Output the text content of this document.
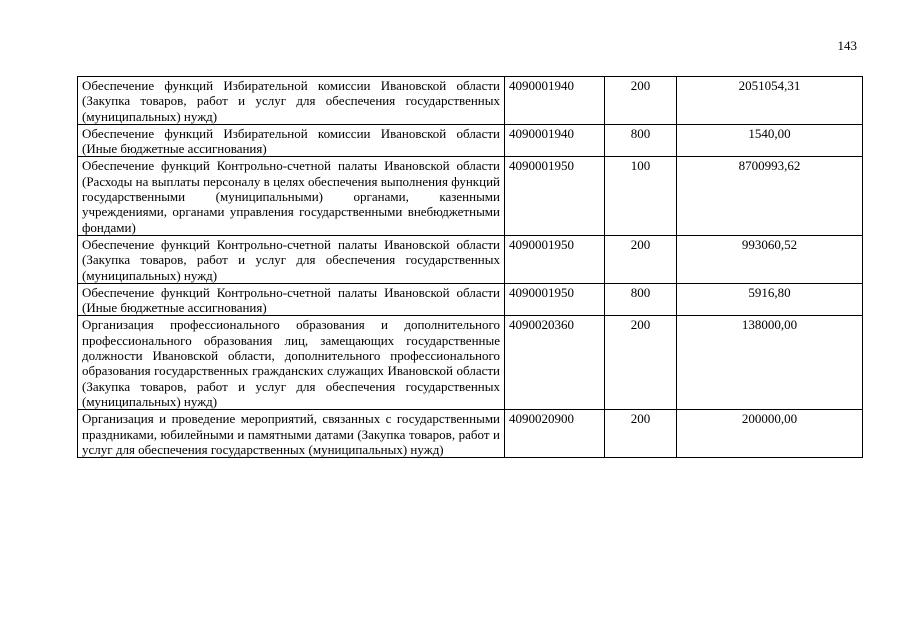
143
Обеспечение функций Избирательной комиссии Ивановской области (Закупка товаров, работ и услуг для обеспечения государственных (муниципальных) нужд)	4090001940	200	2051054,31
Обеспечение функций Избирательной комиссии Ивановской области (Иные бюджетные ассигнования)	4090001940	800	1540,00
Обеспечение функций Контрольно-счетной палаты Ивановской области (Расходы на выплаты персоналу в целях обеспечения выполнения функций государственными (муниципальными) органами, казенными учреждениями, органами управления государственными внебюджетными фондами)	4090001950	100	8700993,62
Обеспечение функций Контрольно-счетной палаты Ивановской области (Закупка товаров, работ и услуг для обеспечения государственных (муниципальных) нужд)	4090001950	200	993060,52
Обеспечение функций Контрольно-счетной палаты Ивановской области (Иные бюджетные ассигнования)	4090001950	800	5916,80
Организация профессионального образования и дополнительного профессионального образования лиц, замещающих государственные должности Ивановской области, дополнительного профессионального образования государственных гражданских служащих Ивановской области (Закупка товаров, работ и услуг для обеспечения государственных (муниципальных) нужд)	4090020360	200	138000,00
Организация и проведение мероприятий, связанных с государственными праздниками, юбилейными и памятными датами (Закупка товаров, работ и услуг для обеспечения государственных (муниципальных) нужд)	4090020900	200	200000,00
